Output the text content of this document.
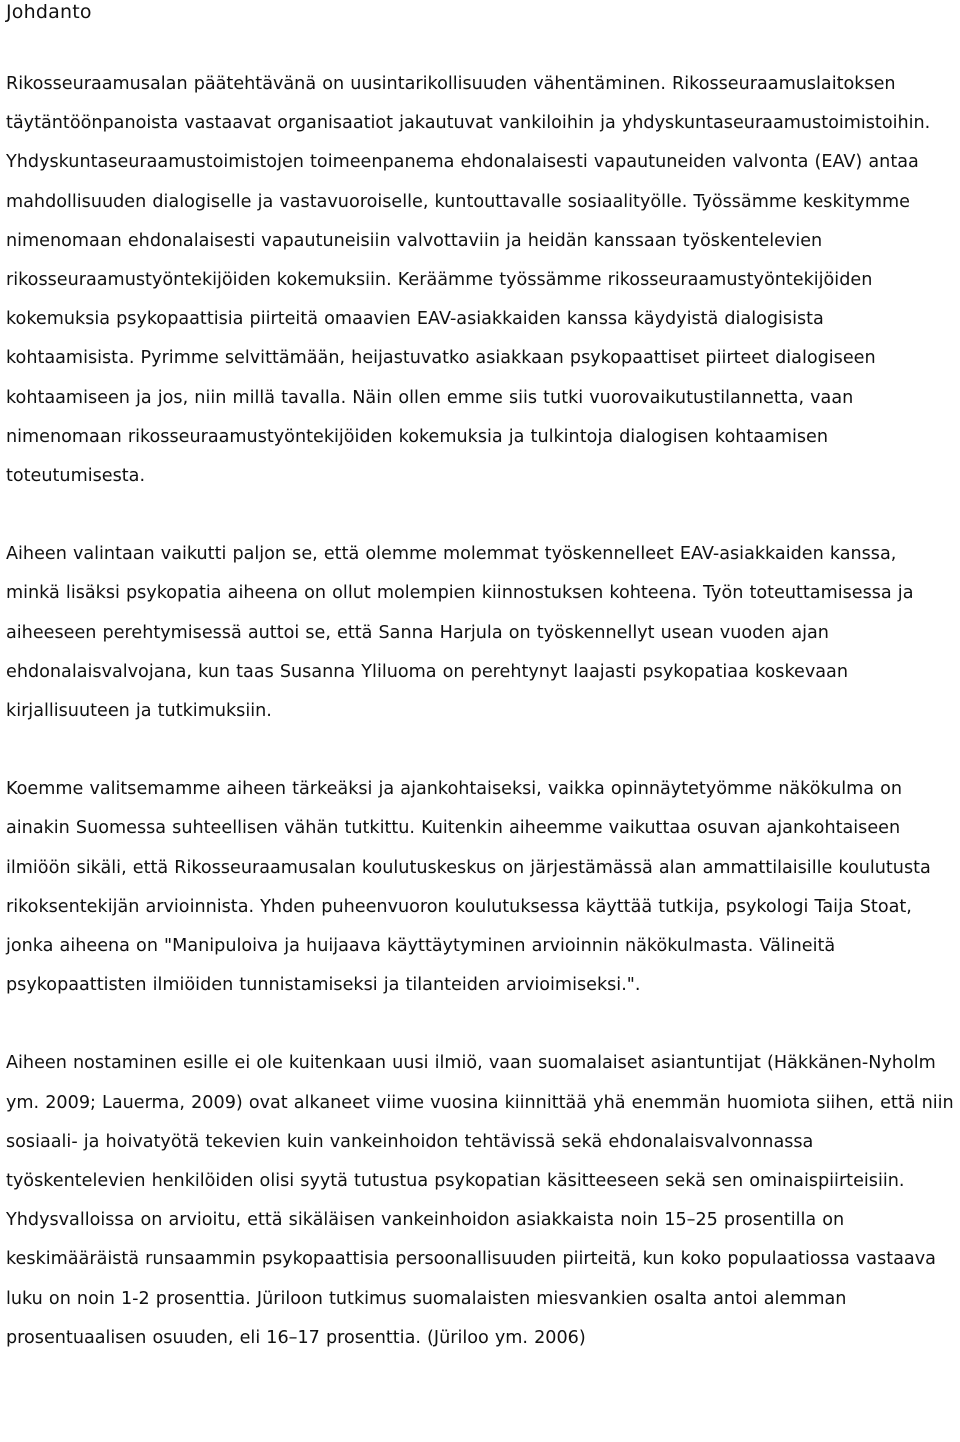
Johdanto

Rikosseuraamusalan päätehtävänä on uusintarikollisuuden vähentäminen. Rikosseuraamuslaitoksen täytäntöönpanoista vastaavat organisaatiot jakautuvat vankiloihin ja yhdyskuntaseuraamustoimistoihin. Yhdyskuntaseuraamustoimistojen toimeenpanema ehdonalaisesti vapautuneiden valvonta (EAV) antaa mahdollisuuden dialogiselle ja vastavuoroiselle, kuntouttavalle sosiaalityölle. Työssämme keskitymme nimenomaan ehdonalaisesti vapautuneisiin valvottaviin ja heidän kanssaan työskentelevien rikosseuraamustyöntekijöiden kokemuksiin. Keräämme työssämme rikosseuraamustyöntekijöiden kokemuksia psykopaattisia piirteitä omaavien EAV-asiakkaiden kanssa käydyistä dialogisista kohtaamisista. Pyrimme selvittämään, heijastuvatko asiakkaan psykopaattiset piirteet dialogiseen kohtaamiseen ja jos, niin millä tavalla. Näin ollen emme siis tutki vuorovaikutustilannetta, vaan nimenomaan rikosseuraamustyöntekijöiden kokemuksia ja tulkintoja dialogisen kohtaamisen toteutumisesta.

Aiheen valintaan vaikutti paljon se, että olemme molemmat työskennelleet EAV-asiakkaiden kanssa, minkä lisäksi psykopatia aiheena on ollut molempien kiinnostuksen kohteena. Työn toteuttamisessa ja aiheeseen perehtymisessä auttoi se, että Sanna Harjula on työskennellyt usean vuoden ajan ehdonalaisvalvojana, kun taas Susanna Yliluoma on perehtynyt laajasti psykopatiaa koskevaan kirjallisuuteen ja tutkimuksiin.

Koemme valitsemamme aiheen tärkeäksi ja ajankohtaiseksi, vaikka opinnäytetyömme näkökulma on ainakin Suomessa suhteellisen vähän tutkittu. Kuitenkin aiheemme vaikuttaa osuvan ajankohtaiseen ilmiöön sikäli, että Rikosseuraamusalan koulutuskeskus on järjestämässä alan ammattilaisille koulutusta rikoksentekijän arvioinnista. Yhden puheenvuoron koulutuksessa käyttää tutkija, psykologi Taija Stoat, jonka aiheena on "Manipuloiva ja huijaava käyttäytyminen arvioinnin näkökulmasta. Välineitä psykopaattisten ilmiöiden tunnistamiseksi ja tilanteiden arvioimiseksi.".

Aiheen nostaminen esille ei ole kuitenkaan uusi ilmiö, vaan suomalaiset asiantuntijat (Häkkänen-Nyholm ym. 2009; Lauerma, 2009) ovat alkaneet viime vuosina kiinnittää yhä enemmän huomiota siihen, että niin sosiaali- ja hoivatyötä tekevien kuin vankeinhoidon tehtävissä sekä ehdonalaisvalvonnassa työskentelevien henkilöiden olisi syytä tutustua psykopatian käsitteeseen sekä sen ominaispiirteisiin. Yhdysvalloissa on arvioitu, että sikäläisen vankeinhoidon asiakkaista noin 15–25 prosentilla on keskimääräistä runsaammin psykopaattisia persoonallisuuden piirteitä, kun koko populaatiossa vastaava luku on noin 1-2 prosenttia. Jüriloon tutkimus suomalaisten miesvankien osalta antoi alemman prosentuaalisen osuuden, eli 16–17 prosenttia. (Jüriloo ym. 2006)
